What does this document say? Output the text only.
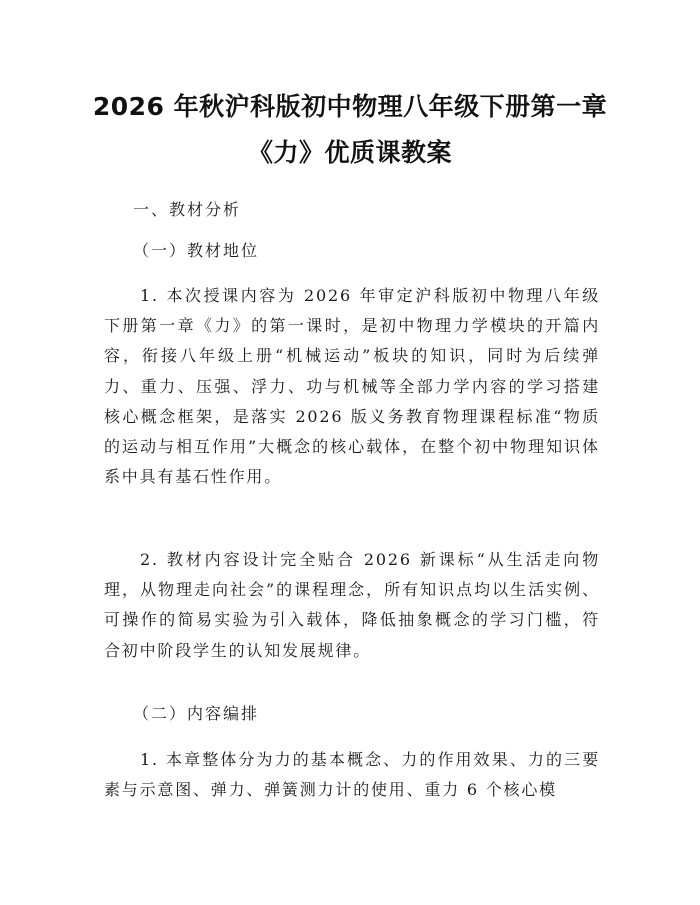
2026 年秋沪科版初中物理八年级下册第一章
《力》优质课教案
一、教材分析
（一）教材地位
1. 本次授课内容为 2026 年审定沪科版初中物理八年级下册第一章《力》的第一课时，是初中物理力学模块的开篇内容，衔接八年级上册“机械运动”板块的知识，同时为后续弹力、重力、压强、浮力、功与机械等全部力学内容的学习搭建核心概念框架，是落实 2026 版义务教育物理课程标准“物质的运动与相互作用”大概念的核心载体，在整个初中物理知识体系中具有基石性作用。
2. 教材内容设计完全贴合 2026 新课标“从生活走向物理，从物理走向社会”的课程理念，所有知识点均以生活实例、可操作的简易实验为引入载体，降低抽象概念的学习门槛，符合初中阶段学生的认知发展规律。
（二）内容编排
1. 本章整体分为力的基本概念、力的作用效果、力的三要素与示意图、弹力、弹簧测力计的使用、重力 6 个核心模
